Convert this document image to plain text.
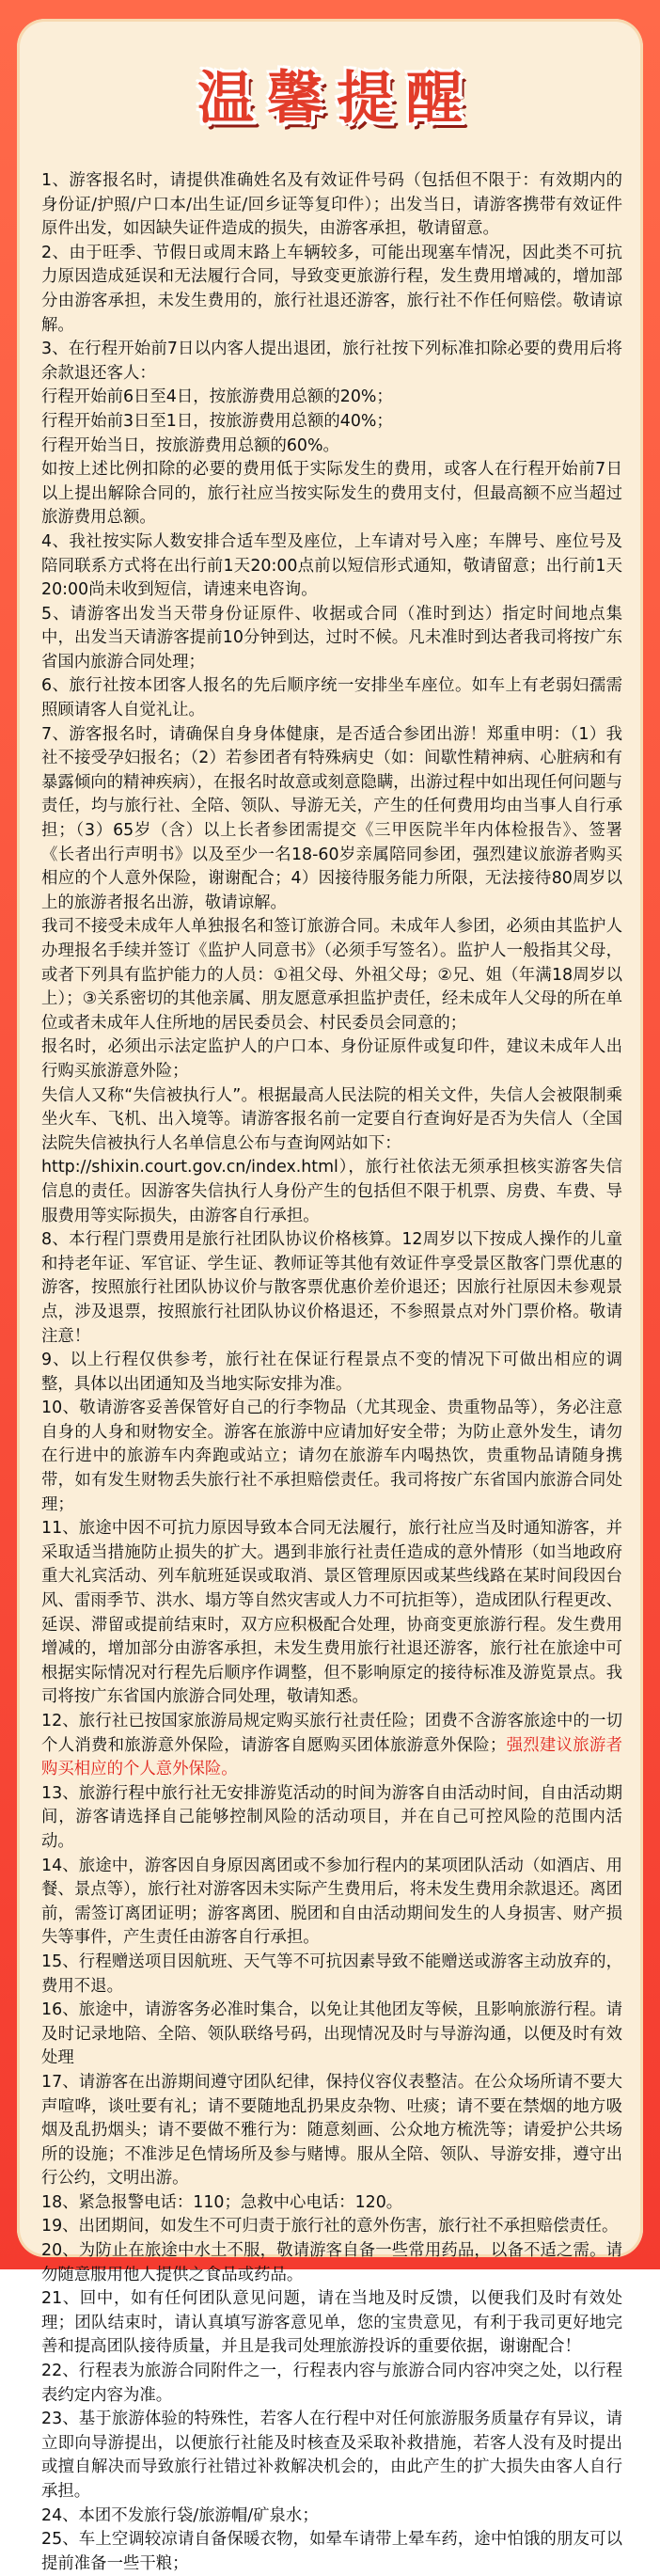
温馨提醒

1、游客报名时，请提供准确姓名及有效证件号码（包括但不限于：有效期内的身份证/护照/户口本/出生证/回乡证等复印件）；出发当日，请游客携带有效证件原件出发，如因缺失证件造成的损失，由游客承担，敬请留意。

2、由于旺季、节假日或周末路上车辆较多，可能出现塞车情况，因此类不可抗力原因造成延误和无法履行合同，导致变更旅游行程，发生费用增减的，增加部分由游客承担，未发生费用的，旅行社退还游客，旅行社不作任何赔偿。敬请谅解。

3、在行程开始前7日以内客人提出退团，旅行社按下列标准扣除必要的费用后将余款退还客人：

行程开始前6日至4日，按旅游费用总额的20%；

行程开始前3日至1日，按旅游费用总额的40%；

行程开始当日，按旅游费用总额的60%。

如按上述比例扣除的必要的费用低于实际发生的费用，或客人在行程开始前7日以上提出解除合同的，旅行社应当按实际发生的费用支付，但最高额不应当超过旅游费用总额。

4、我社按实际人数安排合适车型及座位，上车请对号入座；车牌号、座位号及陪同联系方式将在出行前1天20:00点前以短信形式通知，敬请留意；出行前1天20:00尚未收到短信，请速来电咨询。

5、请游客出发当天带身份证原件、收据或合同（准时到达）指定时间地点集中，出发当天请游客提前10分钟到达，过时不候。凡未准时到达者我司将按广东省国内旅游合同处理；

6、旅行社按本团客人报名的先后顺序统一安排坐车座位。如车上有老弱妇孺需照顾请客人自觉礼让。

7、游客报名时，请确保自身身体健康，是否适合参团出游！郑重申明：（1）我社不接受孕妇报名；（2）若参团者有特殊病史（如：间歇性精神病、心脏病和有暴露倾向的精神疾病），在报名时故意或刻意隐瞒，出游过程中如出现任何问题与责任，均与旅行社、全陪、领队、导游无关，产生的任何费用均由当事人自行承担；（3）65岁（含）以上长者参团需提交《三甲医院半年内体检报告》、签署《长者出行声明书》以及至少一名18-60岁亲属陪同参团，强烈建议旅游者购买相应的个人意外保险，谢谢配合；4）因接待服务能力所限，无法接待80周岁以上的旅游者报名出游，敬请谅解。

我司不接受未成年人单独报名和签订旅游合同。未成年人参团，必须由其监护人办理报名手续并签订《监护人同意书》（必须手写签名）。监护人一般指其父母，或者下列具有监护能力的人员：①祖父母、外祖父母；②兄、姐（年满18周岁以上）；③关系密切的其他亲属、朋友愿意承担监护责任，经未成年人父母的所在单位或者未成年人住所地的居民委员会、村民委员会同意的；

报名时，必须出示法定监护人的户口本、身份证原件或复印件，建议未成年人出行购买旅游意外险；

失信人又称“失信被执行人”。根据最高人民法院的相关文件，失信人会被限制乘坐火车、飞机、出入境等。请游客报名前一定要自行查询好是否为失信人（全国法院失信被执行人名单信息公布与查询网站如下：

http://shixin.court.gov.cn/index.html），旅行社依法无须承担核实游客失信信息的责任。因游客失信执行人身份产生的包括但不限于机票、房费、车费、导服费用等实际损失，由游客自行承担。

8、本行程门票费用是旅行社团队协议价格核算。12周岁以下按成人操作的儿童和持老年证、军官证、学生证、教师证等其他有效证件享受景区散客门票优惠的游客，按照旅行社团队协议价与散客票优惠价差价退还；因旅行社原因未参观景点，涉及退票，按照旅行社团队协议价格退还，不参照景点对外门票价格。敬请注意！

9、以上行程仅供参考，旅行社在保证行程景点不变的情况下可做出相应的调整，具体以出团通知及当地实际安排为准。

10、敬请游客妥善保管好自己的行李物品（尤其现金、贵重物品等），务必注意自身的人身和财物安全。游客在旅游中应请加好安全带；为防止意外发生，请勿在行进中的旅游车内奔跑或站立；请勿在旅游车内喝热饮，贵重物品请随身携带，如有发生财物丢失旅行社不承担赔偿责任。我司将按广东省国内旅游合同处理；

11、旅途中因不可抗力原因导致本合同无法履行，旅行社应当及时通知游客，并采取适当措施防止损失的扩大。遇到非旅行社责任造成的意外情形（如当地政府重大礼宾活动、列车航班延误或取消、景区管理原因或某些线路在某时间段因台风、雷雨季节、洪水、塌方等自然灾害或人力不可抗拒等），造成团队行程更改、延误、滞留或提前结束时，双方应积极配合处理，协商变更旅游行程。发生费用增减的，增加部分由游客承担，未发生费用旅行社退还游客，旅行社在旅途中可根据实际情况对行程先后顺序作调整，但不影响原定的接待标准及游览景点。我司将按广东省国内旅游合同处理，敬请知悉。

12、旅行社已按国家旅游局规定购买旅行社责任险；团费不含游客旅途中的一切个人消费和旅游意外保险，请游客自愿购买团体旅游意外保险；强烈建议旅游者购买相应的个人意外保险。

13、旅游行程中旅行社无安排游览活动的时间为游客自由活动时间，自由活动期间，游客请选择自己能够控制风险的活动项目，并在自己可控风险的范围内活动。

14、旅途中，游客因自身原因离团或不参加行程内的某项团队活动（如酒店、用餐、景点等），旅行社对游客因未实际产生费用后，将未发生费用余款退还。离团前，需签订离团证明；游客离团、脱团和自由活动期间发生的人身损害、财产损失等事件，产生责任由游客自行承担。

15、行程赠送项目因航班、天气等不可抗因素导致不能赠送或游客主动放弃的，费用不退。

16、旅途中，请游客务必准时集合，以免让其他团友等候，且影响旅游行程。请及时记录地陪、全陪、领队联络号码，出现情况及时与导游沟通，以便及时有效处理

17、请游客在出游期间遵守团队纪律，保持仪容仪表整洁。在公众场所请不要大声喧哗，谈吐要有礼；请不要随地乱扔果皮杂物、吐痰；请不要在禁烟的地方吸烟及乱扔烟头；请不要做不雅行为：随意刻画、公众地方梳洗等；请爱护公共场所的设施；不准涉足色情场所及参与赌博。服从全陪、领队、导游安排，遵守出行公约，文明出游。

18、紧急报警电话：110；急救中心电话：120。

19、出团期间，如发生不可归责于旅行社的意外伤害，旅行社不承担赔偿责任。

20、为防止在旅途中水土不服，敬请游客自备一些常用药品，以备不适之需。请勿随意服用他人提供之食品或药品。

21、回中，如有任何团队意见问题，请在当地及时反馈，以便我们及时有效处理；团队结束时，请认真填写游客意见单，您的宝贵意见，有利于我司更好地完善和提高团队接待质量，并且是我司处理旅游投诉的重要依据，谢谢配合！

22、行程表为旅游合同附件之一，行程表内容与旅游合同内容冲突之处，以行程表约定内容为准。

23、基于旅游体验的特殊性，若客人在行程中对任何旅游服务质量存有异议，请立即向导游提出，以便旅行社能及时核查及采取补救措施，若客人没有及时提出或擅自解决而导致旅行社错过补救解决机会的，由此产生的扩大损失由客人自行承担。

24、本团不发旅行袋/旅游帽/矿泉水；

25、车上空调较凉请自备保暖衣物，如晕车请带上晕车药，途中怕饿的朋友可以提前准备一些干粮；
